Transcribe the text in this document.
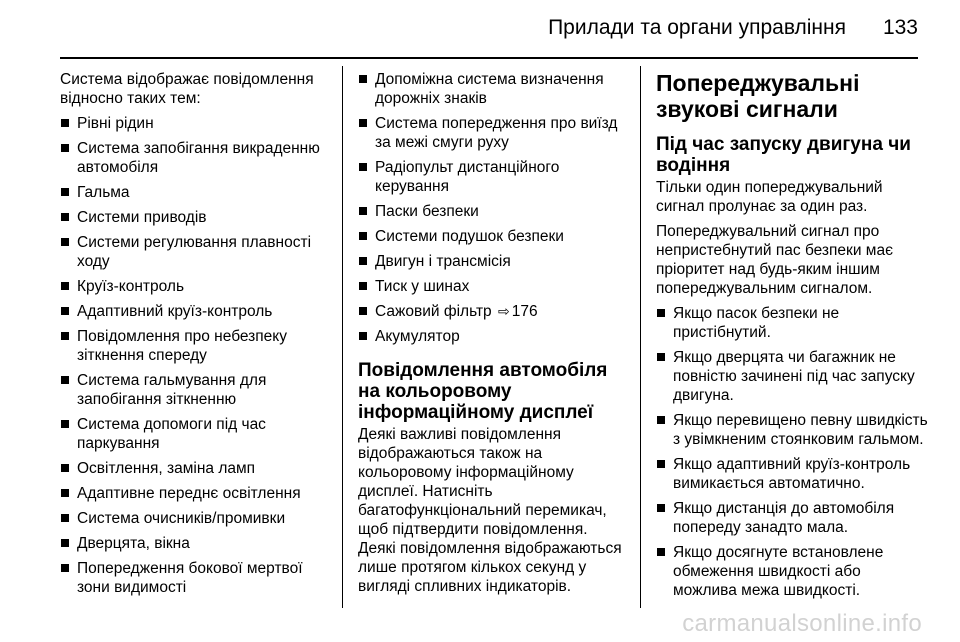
Прилади та органи управління 133

Система відображає повідомлення відносно таких тем:

Рівні рідин
Система запобігання викраденню автомобіля
Гальма
Системи приводів
Системи регулювання плавності ходу
Круїз-контроль
Адаптивний круїз-контроль
Повідомлення про небезпеку зіткнення спереду
Система гальмування для запобігання зіткненню
Система допомоги під час паркування
Освітлення, заміна ламп
Адаптивне переднє освітлення
Система очисників/промивки
Дверцята, вікна
Попередження бокової мертвої зони видимості
Допоміжна система визначення дорожніх знаків
Система попередження про виїзд за межі смуги руху
Радіопульт дистанційного керування
Паски безпеки
Системи подушок безпеки
Двигун і трансмісія
Тиск у шинах
Сажовий фільтр ⇨ 176
Акумулятор
Повідомлення автомобіля на кольоровому інформаційному дисплеї

Деякі важливі повідомлення відображаються також на кольоровому інформаційному дисплеї. Натисніть багатофункціональний перемикач, щоб підтвердити повідомлення. Деякі повідомлення відображаються лише протягом кількох секунд у вигляді спливних індикаторів.

Попереджувальні звукові сигнали
Під час запуску двигуна чи водіння

Тільки один попереджувальний сигнал пролунає за один раз.

Попереджувальний сигнал про непристебнутий пас безпеки має пріоритет над будь-яким іншим попереджувальним сигналом.

Якщо пасок безпеки не пристібнутий.
Якщо дверцята чи багажник не повністю зачинені під час запуску двигуна.
Якщо перевищено певну швидкість з увімкненим стоянковим гальмом.
Якщо адаптивний круїз-контроль вимикається автоматично.
Якщо дистанція до автомобіля попереду занадто мала.
Якщо досягнуте встановлене обмеження швидкості або можлива межа швидкості.
carmanualsonline.info
